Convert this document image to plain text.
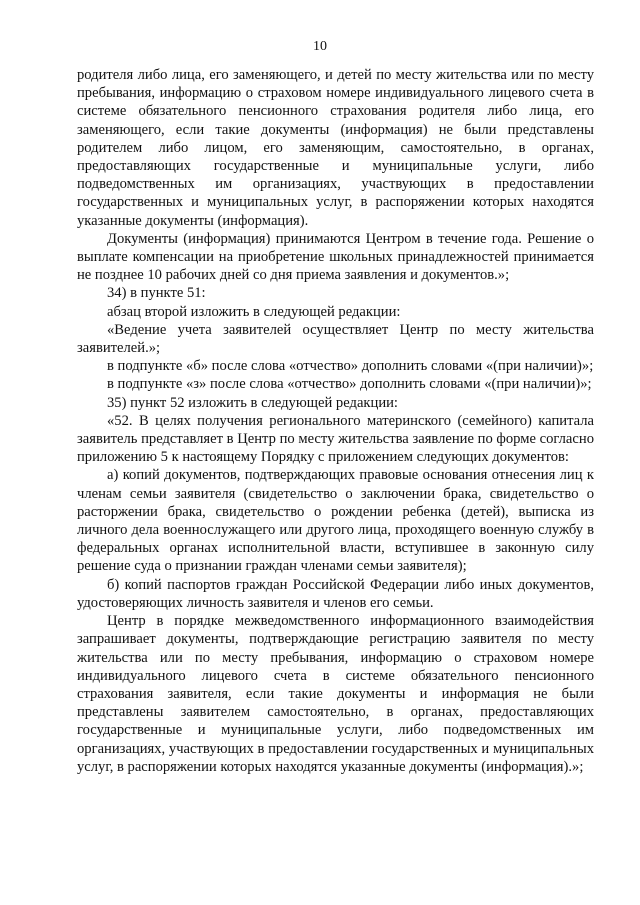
10

родителя либо лица, его заменяющего, и детей по месту жительства или по месту пребывания, информацию о страховом номере индивидуального лицевого счета в системе обязательного пенсионного страхования родителя либо лица, его заменяющего, если такие документы (информация) не были представлены родителем либо лицом, его заменяющим, самостоятельно, в органах, предоставляющих государственные и муниципальные услуги, либо подведомственных им организациях, участвующих в предоставлении государственных и муниципальных услуг, в распоряжении которых находятся указанные документы (информация).

Документы (информация) принимаются Центром в течение года. Решение о выплате компенсации на приобретение школьных принадлежностей принимается не позднее 10 рабочих дней со дня приема заявления и документов.»;

34) в пункте 51:

абзац второй изложить в следующей редакции:

«Ведение учета заявителей осуществляет Центр по месту жительства заявителей.»;

в подпункте «б» после слова «отчество» дополнить словами «(при наличии)»;

в подпункте «з» после слова «отчество» дополнить словами «(при наличии)»;

35) пункт 52 изложить в следующей редакции:

«52. В целях получения регионального материнского (семейного) капитала заявитель представляет в Центр по месту жительства заявление по форме согласно приложению 5 к настоящему Порядку с приложением следующих документов:

а) копий документов, подтверждающих правовые основания отнесения лиц к членам семьи заявителя (свидетельство о заключении брака, свидетельство о расторжении брака, свидетельство о рождении ребенка (детей), выписка из личного дела военнослужащего или другого лица, проходящего военную службу в федеральных органах исполнительной власти, вступившее в законную силу решение суда о признании граждан членами семьи заявителя);

б) копий паспортов граждан Российской Федерации либо иных документов, удостоверяющих личность заявителя и членов его семьи.

Центр в порядке межведомственного информационного взаимодействия запрашивает документы, подтверждающие регистрацию заявителя по месту жительства или по месту пребывания, информацию о страховом номере индивидуального лицевого счета в системе обязательного пенсионного страхования заявителя, если такие документы и информация не были представлены заявителем самостоятельно, в органах, предоставляющих государственные и муниципальные услуги, либо подведомственных им организациях, участвующих в предоставлении государственных и муниципальных услуг, в распоряжении которых находятся указанные документы (информация).»;
